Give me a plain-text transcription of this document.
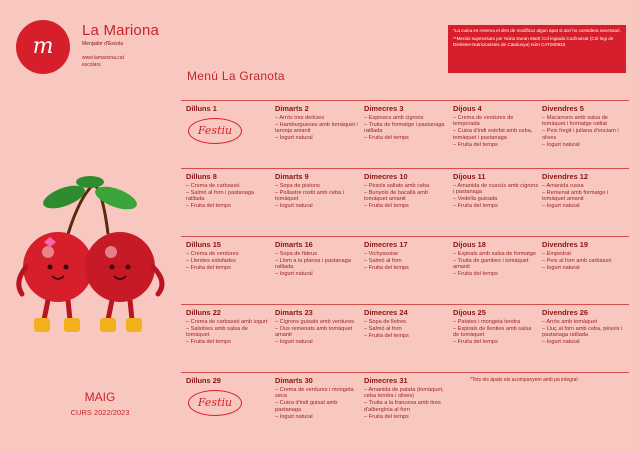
m
La Mariona
Menjador d'Escola
www.lamariona.cat
escolars

*La cuina es reserva el dret de modificar algun àpat si així ho considera necessari.

**Menús supervisats per Núria Duran Martí Col·legiada Cod/nutcat (Col·legi de Dietistes-Nutricionistes de Catalunya) núm CAT000833

Menú La Granota
MAIG
CURS 2022/2023
Dilluns 1
Festiu
Dimarts 2
– Arròs tres delícies
– Hamburgueses amb tomàquet i taronja amanit
– Iogurt natural
Dimecres 3
– Espinacs amb cigrons
– Truita de formatge i pastanaga ratllada
– Fruita del temps
Dijous 4
– Crema de verdures de temporada
– Cuixa d'indi estofat amb ceba, tomàquet i pastanaga
– Fruita del temps
Divendres 5
– Macarrons amb salsa de tomàquet i formatge ratllat
– Peix fregit i juliana d'enciam i olives
– Iogurt natural
Dilluns 8
– Crema de carbassó
– Salmó al forn i pastanaga ratllada
– Fruita del temps
Dimarts 9
– Sopa de pistons
– Pollastre rostit amb ceba i tomàquet
– Iogurt natural
Dimecres 10
– Pèsols saltats amb ceba
– Bunyols de bacallà amb tomàquet amanit
– Fruita del temps
Dijous 11
– Amanida de cuscús amb cigrons i pastanaga
– Vedella guisada
– Fruita del temps
Divendres 12
– Amanida russa
– Remenat amb formatge i tomàquet amanit
– Iogurt natural
Dilluns 15
– Crema de verdures
– Llenties estofades
– Fruita del temps
Dimarts 16
– Sopa de fideus
– Llom a la planxa i pastanaga ratllada
– Iogurt natural
Dimecres 17
– Vichyssoise
– Salmó al forn
– Fruita del temps
Dijous 18
– Espirals amb salsa de formatge
– Truita de gambes i tomàquet amanit
– Fruita del temps
Divendres 19
– Empedrat
– Peix al forn amb carbassó
– Iogurt natural
Dilluns 22
– Crema de carbassó amb iogurt
– Salsitxes amb salsa de tomàquet
– Fruita del temps
Dimarts 23
– Cigrons guisats amb verdures
– Ous remenats amb tomàquet amanit
– Iogurt natural
Dimecres 24
– Sopa de lletres
– Salmó al forn
– Fruita del temps
Dijous 25
– Patates i mongeta tendra
– Espirals de llenties amb salsa de tomàquet
– Fruita del temps
Divendres 26
– Arròs amb tomàquet
– Lluç al forn amb ceba, pèsols i pastanaga ratllada
– Iogurt natural
Dilluns 29
Festiu
Dimarts 30
– Crema de verdures i mongeta seca
– Cuixa d'indi guisat amb pastanaga
– Iogurt natural
Dimecres 31
– Amanida de patata (tomàquet, ceba tendra i olives)
– Truita a la francesa amb tires d'albergínia al forn
– Fruita del temps
*Tots els àpats els acompanyem amb pa integral
